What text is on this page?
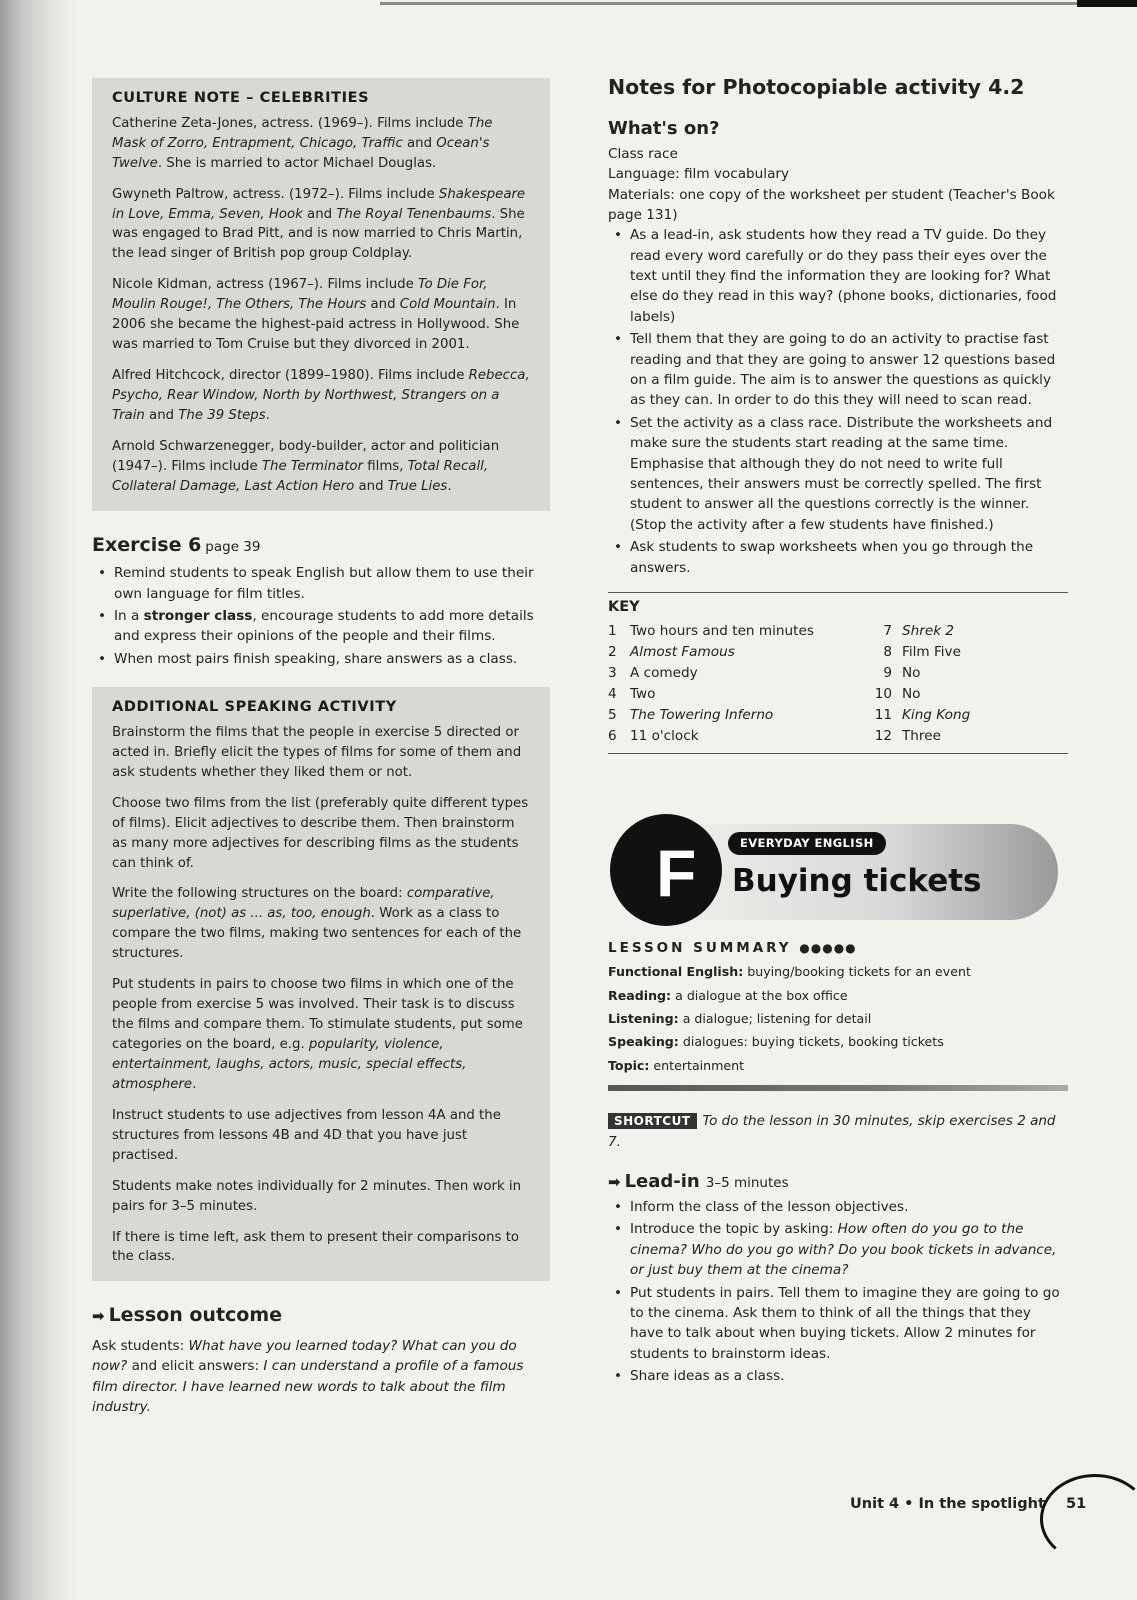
CULTURE NOTE – CELEBRITIES

Catherine Zeta-Jones, actress. (1969–). Films include The Mask of Zorro, Entrapment, Chicago, Traffic and Ocean's Twelve. She is married to actor Michael Douglas.

Gwyneth Paltrow, actress. (1972–). Films include Shakespeare in Love, Emma, Seven, Hook and The Royal Tenenbaums. She was engaged to Brad Pitt, and is now married to Chris Martin, the lead singer of British pop group Coldplay.

Nicole Kidman, actress (1967–). Films include To Die For, Moulin Rouge!, The Others, The Hours and Cold Mountain. In 2006 she became the highest-paid actress in Hollywood. She was married to Tom Cruise but they divorced in 2001.

Alfred Hitchcock, director (1899–1980). Films include Rebecca, Psycho, Rear Window, North by Northwest, Strangers on a Train and The 39 Steps.

Arnold Schwarzenegger, body-builder, actor and politician (1947–). Films include The Terminator films, Total Recall, Collateral Damage, Last Action Hero and True Lies.

Exercise 6 page 39
• Remind students to speak English but allow them to use their own language for film titles.
• In a stronger class, encourage students to add more details and express their opinions of the people and their films.
• When most pairs finish speaking, share answers as a class.
ADDITIONAL SPEAKING ACTIVITY

Brainstorm the films that the people in exercise 5 directed or acted in. Briefly elicit the types of films for some of them and ask students whether they liked them or not.

Choose two films from the list (preferably quite different types of films). Elicit adjectives to describe them. Then brainstorm as many more adjectives for describing films as the students can think of.

Write the following structures on the board: comparative, superlative, (not) as ... as, too, enough. Work as a class to compare the two films, making two sentences for each of the structures.

Put students in pairs to choose two films in which one of the people from exercise 5 was involved. Their task is to discuss the films and compare them. To stimulate students, put some categories on the board, e.g. popularity, violence, entertainment, laughs, actors, music, special effects, atmosphere.

Instruct students to use adjectives from lesson 4A and the structures from lessons 4B and 4D that you have just practised.

Students make notes individually for 2 minutes. Then work in pairs for 3–5 minutes.

If there is time left, ask them to present their comparisons to the class.

➡ Lesson outcome

Ask students: What have you learned today? What can you do now? and elicit answers: I can understand a profile of a famous film director. I have learned new words to talk about the film industry.

Notes for Photocopiable activity 4.2
What's on?

Class race

Language: film vocabulary

Materials: one copy of the worksheet per student (Teacher's Book page 131)

• As a lead-in, ask students how they read a TV guide. Do they read every word carefully or do they pass their eyes over the text until they find the information they are looking for? What else do they read in this way? (phone books, dictionaries, food labels)
• Tell them that they are going to do an activity to practise fast reading and that they are going to answer 12 questions based on a film guide. The aim is to answer the questions as quickly as they can. In order to do this they will need to scan read.
• Set the activity as a class race. Distribute the worksheets and make sure the students start reading at the same time. Emphasise that although they do not need to write full sentences, their answers must be correctly spelled. The first student to answer all the questions correctly is the winner. (Stop the activity after a few students have finished.)
• Ask students to swap worksheets when you go through the answers.
KEY
1 Two hours and ten minutes
2 Almost Famous
3 A comedy
4 Two
5 The Towering Inferno
6 11 o'clock
7 Shrek 2
8 Film Five
9 No
10 No
11 King Kong
12 Three
F	EVERYDAY ENGLISH
Buying tickets
LESSON SUMMARY ●●●●●
Functional English: buying/booking tickets for an event
Reading: a dialogue at the box office
Listening: a dialogue; listening for detail
Speaking: dialogues: buying tickets, booking tickets
Topic: entertainment

SHORTCUT To do the lesson in 30 minutes, skip exercises 2 and 7.

➡ Lead-in 3–5 minutes
• Inform the class of the lesson objectives.
• Introduce the topic by asking: How often do you go to the cinema? Who do you go with? Do you book tickets in advance, or just buy them at the cinema?
• Put students in pairs. Tell them to imagine they are going to go to the cinema. Ask them to think of all the things that they have to talk about when buying tickets. Allow 2 minutes for students to brainstorm ideas.
• Share ideas as a class.
Unit 4 • In the spotlight 51
